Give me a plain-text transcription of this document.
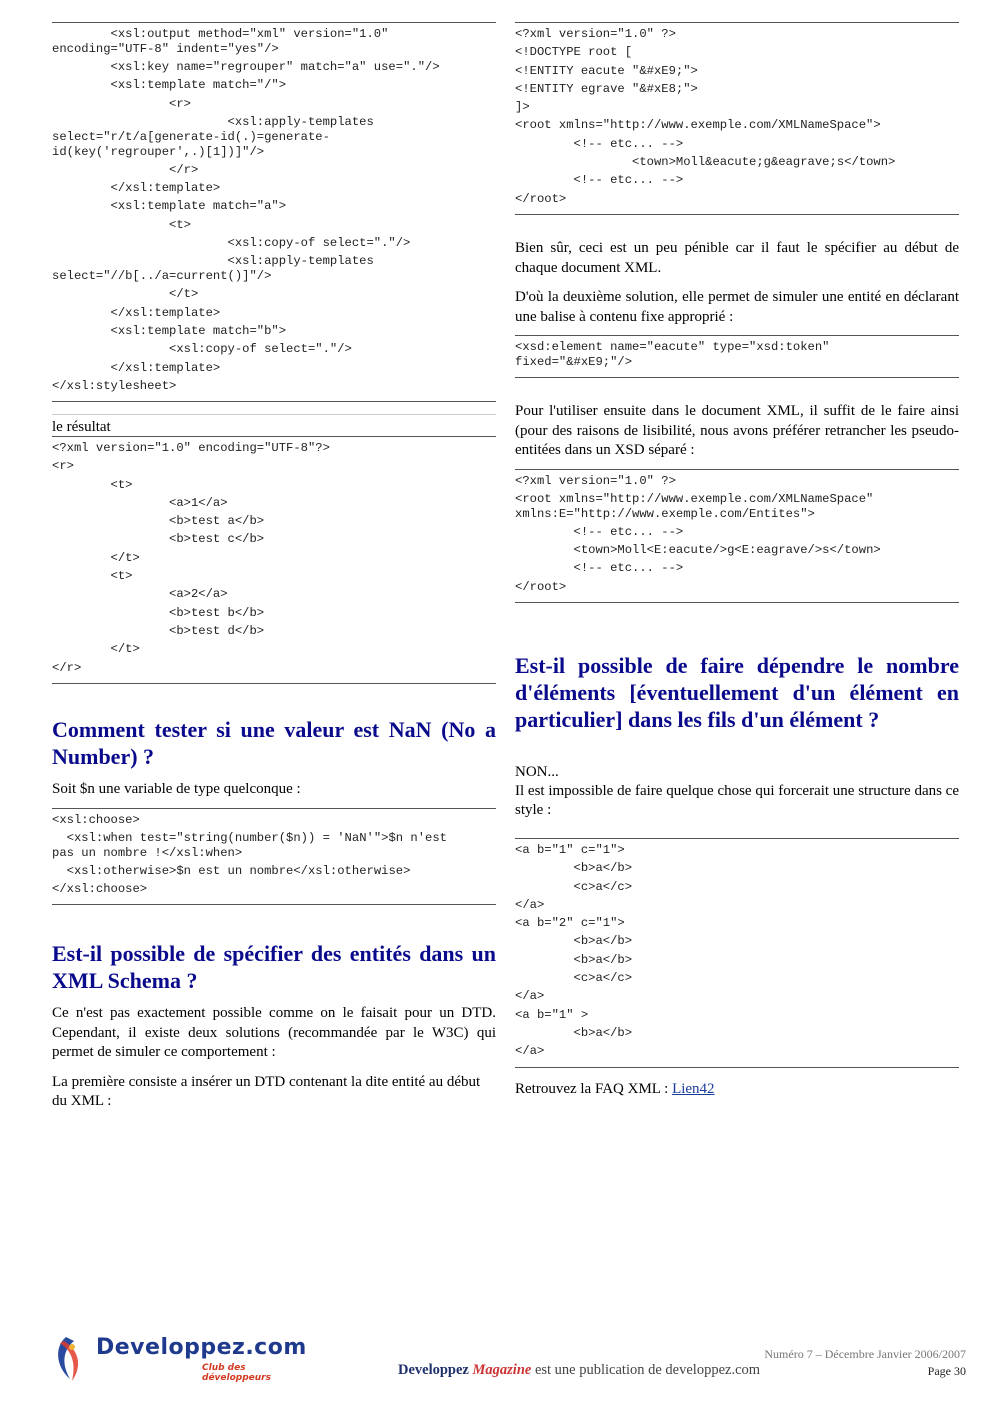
<xsl:output method="xml" version="1.0"
encoding="UTF-8" indent="yes"/>
<xsl:key name="regrouper" match="a" use="."/>
<xsl:template match="/">
<r>
<xsl:apply-templates
select="r/t/a[generate-id(.)=generate-
id(key('regrouper',.)[1])]"/>
</r>
</xsl:template>
<xsl:template match="a">
<t>
<xsl:copy-of select="."/>
<xsl:apply-templates
select="//b[../a=current()]"/>
</t>
</xsl:template>
<xsl:template match="b">
<xsl:copy-of select="."/>
</xsl:template>
</xsl:stylesheet>
le résultat
<?xml version="1.0" encoding="UTF-8"?>
<r>
<t>
<a>1</a>
<b>test a</b>
<b>test c</b>
</t>
<t>
<a>2</a>
<b>test b</b>
<b>test d</b>
</t>
</r>
Comment tester si une valeur est NaN (No a Number) ?

Soit $n une variable de type quelconque :

<xsl:choose>
<xsl:when test="string(number($n)) = 'NaN'">$n n'est
pas un nombre !</xsl:when>
<xsl:otherwise>$n est un nombre</xsl:otherwise>
</xsl:choose>
Est-il possible de spécifier des entités dans un XML Schema ?

Ce n'est pas exactement possible comme on le faisait pour un DTD. Cependant, il existe deux solutions (recommandée par le W3C) qui permet de simuler ce comportement :

La première consiste a insérer un DTD contenant la dite entité au début du XML :

<?xml version="1.0" ?>
<!DOCTYPE root [
<!ENTITY eacute "&#xE9;">
<!ENTITY egrave "&#xE8;">
]>
<root xmlns="http://www.exemple.com/XMLNameSpace">
<!-- etc... -->
<town>Moll&eacute;g&eagrave;s</town>
<!-- etc... -->
</root>

Bien sûr, ceci est un peu pénible car il faut le spécifier au début de chaque document XML.

D'où la deuxième solution, elle permet de simuler une entité en déclarant une balise à contenu fixe approprié :

<xsd:element name="eacute" type="xsd:token"
fixed="&#xE9;"/>

Pour l'utiliser ensuite dans le document XML, il suffit de le faire ainsi (pour des raisons de lisibilité, nous avons préférer retrancher les pseudo-entitées dans un XSD séparé :

<?xml version="1.0" ?>
<root xmlns="http://www.exemple.com/XMLNameSpace"
xmlns:E="http://www.exemple.com/Entites">
<!-- etc... -->

<town>Moll<E:eacute/>g<E:eagrave/>s</town>
<!-- etc... -->
</root>
Est-il possible de faire dépendre le nombre d'éléments [éventuellement d'un élément en particulier] dans les fils d'un élément ?

NON...

Il est impossible de faire quelque chose qui forcerait une structure dans ce style :

<a b="1" c="1">
<b>a</b>
<c>a</c>
</a>
<a b="2" c="1">
<b>a</b>
<b>a</b>
<c>a</c>
</a>
<a b="1" >
<b>a</b>
</a>

Retrouvez la FAQ XML : Lien42

Developpez.com
Club des développeurs
Numéro 7 – Décembre Janvier 2006/2007
Developpez Magazine est une publication de developpez.com	Page 30
